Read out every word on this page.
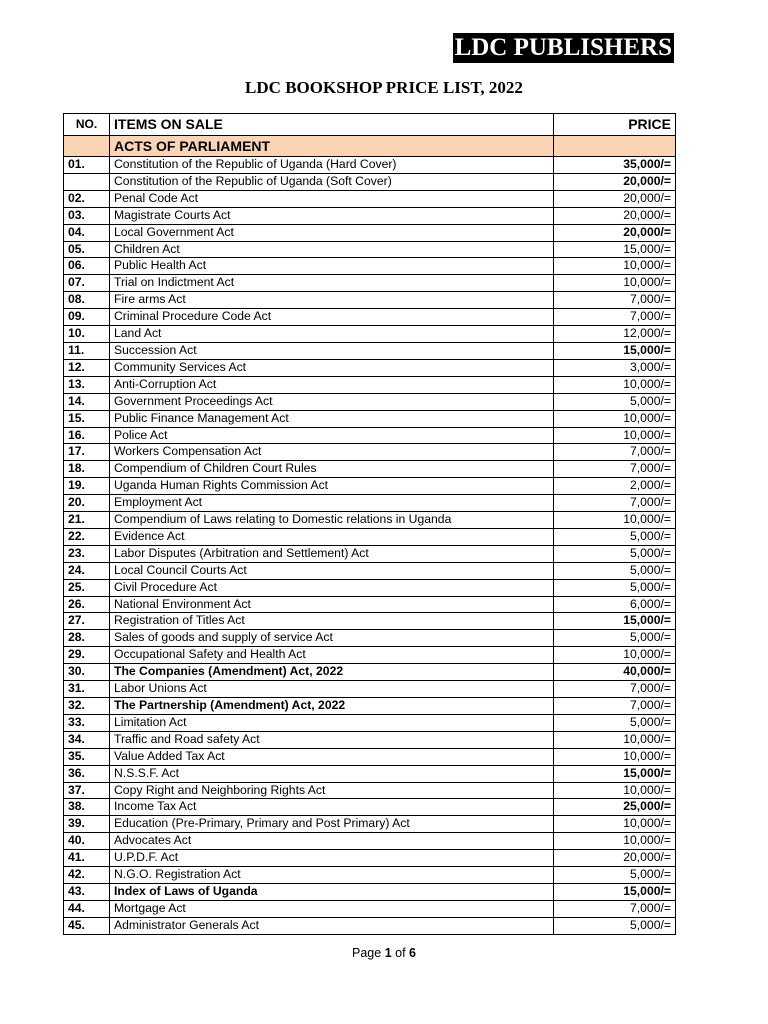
LDC PUBLISHERS
LDC BOOKSHOP PRICE LIST, 2022
NO.	ITEMS ON SALE	PRICE
	ACTS OF PARLIAMENT	
01.	Constitution of the Republic of Uganda (Hard Cover)	35,000/=
	Constitution of the Republic of Uganda (Soft Cover)	20,000/=
02.	Penal Code Act	20,000/=
03.	Magistrate Courts Act	20,000/=
04.	Local Government Act	20,000/=
05.	Children Act	15,000/=
06.	Public Health Act	10,000/=
07.	Trial on Indictment Act	10,000/=
08.	Fire arms Act	7,000/=
09.	Criminal Procedure Code Act	7,000/=
10.	Land Act	12,000/=
11.	Succession Act	15,000/=
12.	Community Services Act	3,000/=
13.	Anti-Corruption Act	10,000/=
14.	Government Proceedings Act	5,000/=
15.	Public Finance Management Act	10,000/=
16.	Police Act	10,000/=
17.	Workers Compensation Act	7,000/=
18.	Compendium of Children Court Rules	7,000/=
19.	Uganda Human Rights Commission Act	2,000/=
20.	Employment Act	7,000/=
21.	Compendium of Laws relating to Domestic relations in Uganda	10,000/=
22.	Evidence Act	5,000/=
23.	Labor Disputes (Arbitration and Settlement) Act	5,000/=
24.	Local Council Courts Act	5,000/=
25.	Civil Procedure Act	5,000/=
26.	National Environment Act	6,000/=
27.	Registration of Titles Act	15,000/=
28.	Sales of goods and supply of service Act	5,000/=
29.	Occupational Safety and Health Act	10,000/=
30.	The Companies (Amendment) Act, 2022	40,000/=
31.	Labor Unions Act	7,000/=
32.	The Partnership (Amendment) Act, 2022	7,000/=
33.	Limitation Act	5,000/=
34.	Traffic and Road safety Act	10,000/=
35.	Value Added Tax Act	10,000/=
36.	N.S.S.F. Act	15,000/=
37.	Copy Right and Neighboring Rights Act	10,000/=
38.	Income Tax Act	25,000/=
39.	Education (Pre-Primary, Primary and Post Primary) Act	10,000/=
40.	Advocates Act	10,000/=
41.	U.P.D.F. Act	20,000/=
42.	N.G.O. Registration Act	5,000/=
43.	Index of Laws of Uganda	15,000/=
44.	Mortgage Act	7,000/=
45.	Administrator Generals Act	5,000/=
Page 1 of 6
